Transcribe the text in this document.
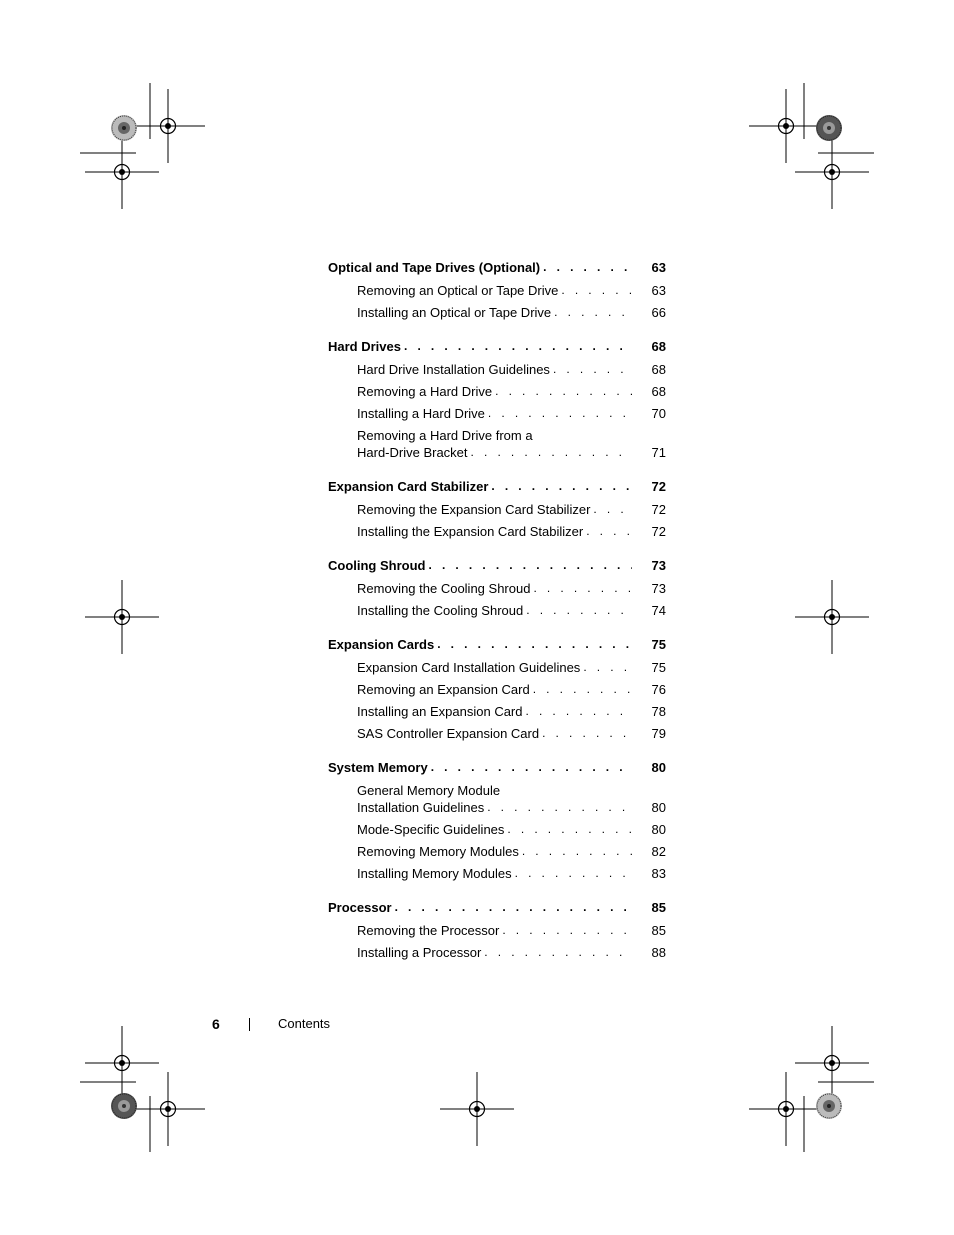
Optical and Tape Drives (Optional) . . .	63
Removing an Optical or Tape Drive . . .	63
Installing an Optical or Tape Drive . . .	66
Hard Drives . . .	68
Hard Drive Installation Guidelines . . .	68
Removing a Hard Drive . . .	68
Installing a Hard Drive . . .	70
Removing a Hard Drive from a
Hard-Drive Bracket . . .	71
Expansion Card Stabilizer . . .	72
Removing the Expansion Card Stabilizer . . .	72
Installing the Expansion Card Stabilizer . . .	72
Cooling Shroud . . .	73
Removing the Cooling Shroud . . .	73
Installing the Cooling Shroud . . .	74
Expansion Cards . . .	75
Expansion Card Installation Guidelines . . .	75
Removing an Expansion Card . . .	76
Installing an Expansion Card . . .	78
SAS Controller Expansion Card . . .	79
System Memory . . .	80
General Memory Module
Installation Guidelines . . .	80
Mode-Specific Guidelines . . .	80
Removing Memory Modules . . .	82
Installing Memory Modules . . .	83
Processor . . .	85
Removing the Processor . . .	85
Installing a Processor . . .	88
6	Contents
